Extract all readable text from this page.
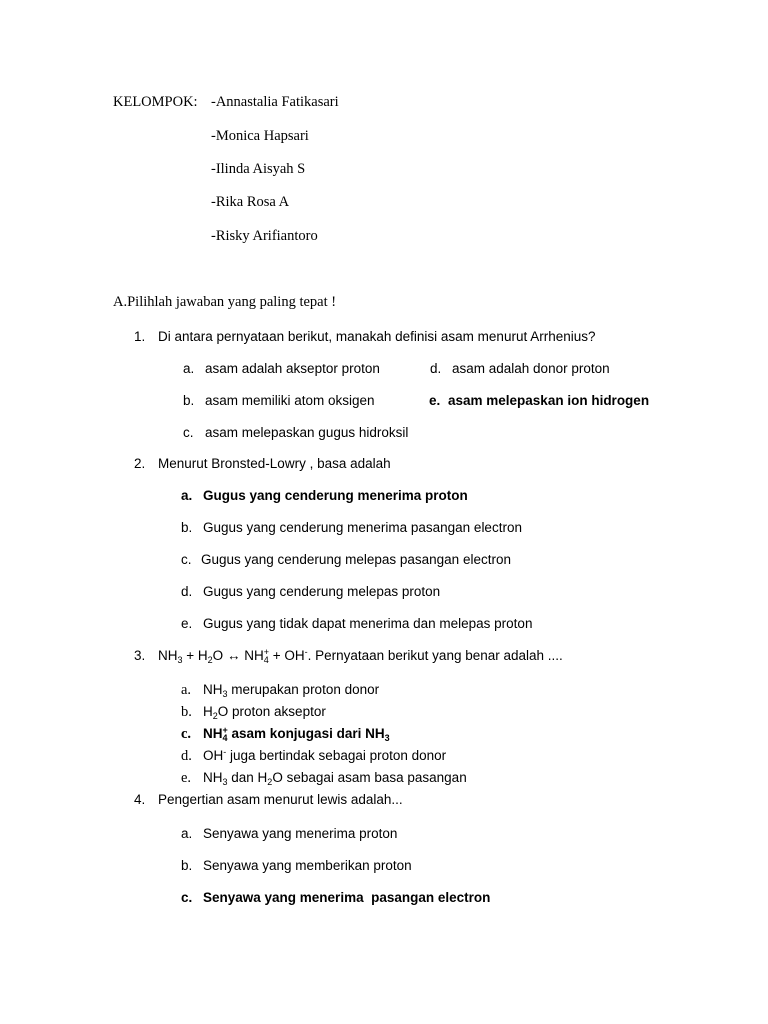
KELOMPOK: -Annastalia Fatikasari
-Monica Hapsari
-Ilinda Aisyah S
-Rika Rosa A
-Risky Arifiantoro
A.Pilihlah jawaban yang paling tepat !
1. Di antara pernyataan berikut, manakah definisi asam menurut Arrhenius?
a. asam adalah akseptor proton	d. asam adalah donor proton
b. asam memiliki atom oksigen	e. asam melepaskan ion hidrogen
c. asam melepaskan gugus hidroksil
2. Menurut Bronsted-Lowry , basa adalah
a. Gugus yang cenderung menerima proton
b. Gugus yang cenderung menerima pasangan electron
c. Gugus yang cenderung melepas pasangan electron
d. Gugus yang cenderung melepas proton
e. Gugus yang tidak dapat menerima dan melepas proton
3. $NH_3 + H_2O$ ↔ $NH_4^+ + OH^-$. Pernyataan berikut yang benar adalah ....
a. $NH_3$ merupakan proton donor
b. $H_2O$ proton akseptor
c. $NH_4^+$ asam konjugasi dari $NH_3$
d. OH- juga bertindak sebagai proton donor
e. $NH_3$ dan $H_2O$ sebagai asam basa pasangan
4. Pengertian asam menurut lewis adalah...
a. Senyawa yang menerima proton
b. Senyawa yang memberikan proton
c. Senyawa yang menerima  pasangan electron
